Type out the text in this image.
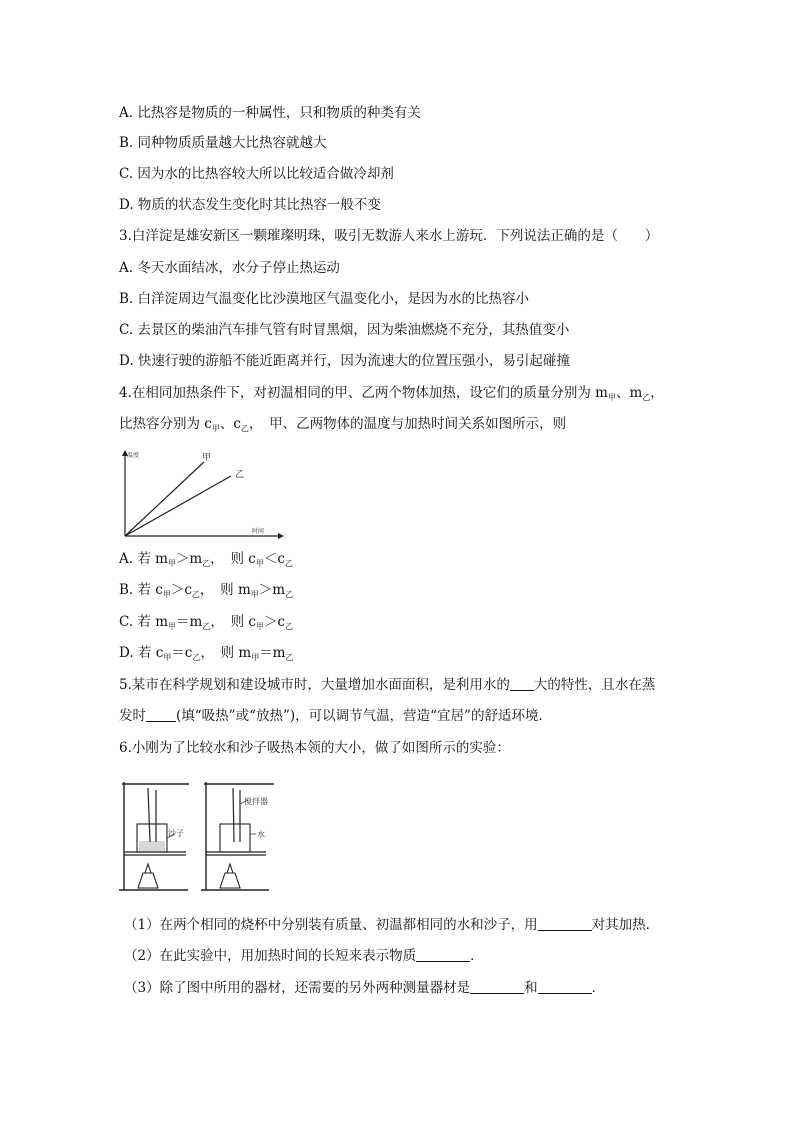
A. 比热容是物质的一种属性，只和物质的种类有关
B. 同种物质质量越大比热容就越大
C. 因为水的比热容较大所以比较适合做冷却剂
D. 物质的状态发生变化时其比热容一般不变
3.白洋淀是雄安新区一颗璀璨明珠，吸引无数游人来水上游玩．下列说法正确的是（　　）
A. 冬天水面结冰，水分子停止热运动
B. 白洋淀周边气温变化比沙漠地区气温变化小，是因为水的比热容小
C. 去景区的柴油汽车排气管有时冒黑烟，因为柴油燃烧不充分，其热值变小
D. 快速行驶的游船不能近距离并行，因为流速大的位置压强小，易引起碰撞
4.在相同加热条件下，对初温相同的甲、乙两个物体加热，设它们的质量分别为 $m_甲$、$m_乙$，
比热容分别为 $c_甲$、$c_乙$，　甲、乙两物体的温度与加热时间关系如图所示，则
温度
时间
甲
乙
A. 若 $m_甲>m_乙$，　则 $c_甲<c_乙$
B. 若 $c_甲>c_乙$，　则 $m_甲>m_乙$
C. 若 $m_甲=m_乙$，　则 $c_甲>c_乙$
D. 若 $c_甲=c_乙$，　则 $m_甲=m_乙$
5.某市在科学规划和建设城市时，大量增加水面面积，是利用水的 大的特性，且水在蒸
发时 (填“吸热”或“放热”)，可以调节气温，营造“宜居”的舒适环境．
6.小刚为了比较水和沙子吸热本领的大小，做了如图所示的实验：
沙子
搅拌器
水
（1）在两个相同的烧杯中分别装有质量、初温都相同的水和沙子，用	对其加热．
（2）在此实验中，用加热时间的长短来表示物质	．
（3）除了图中所用的器材，还需要的另外两种测量器材是	和	．
